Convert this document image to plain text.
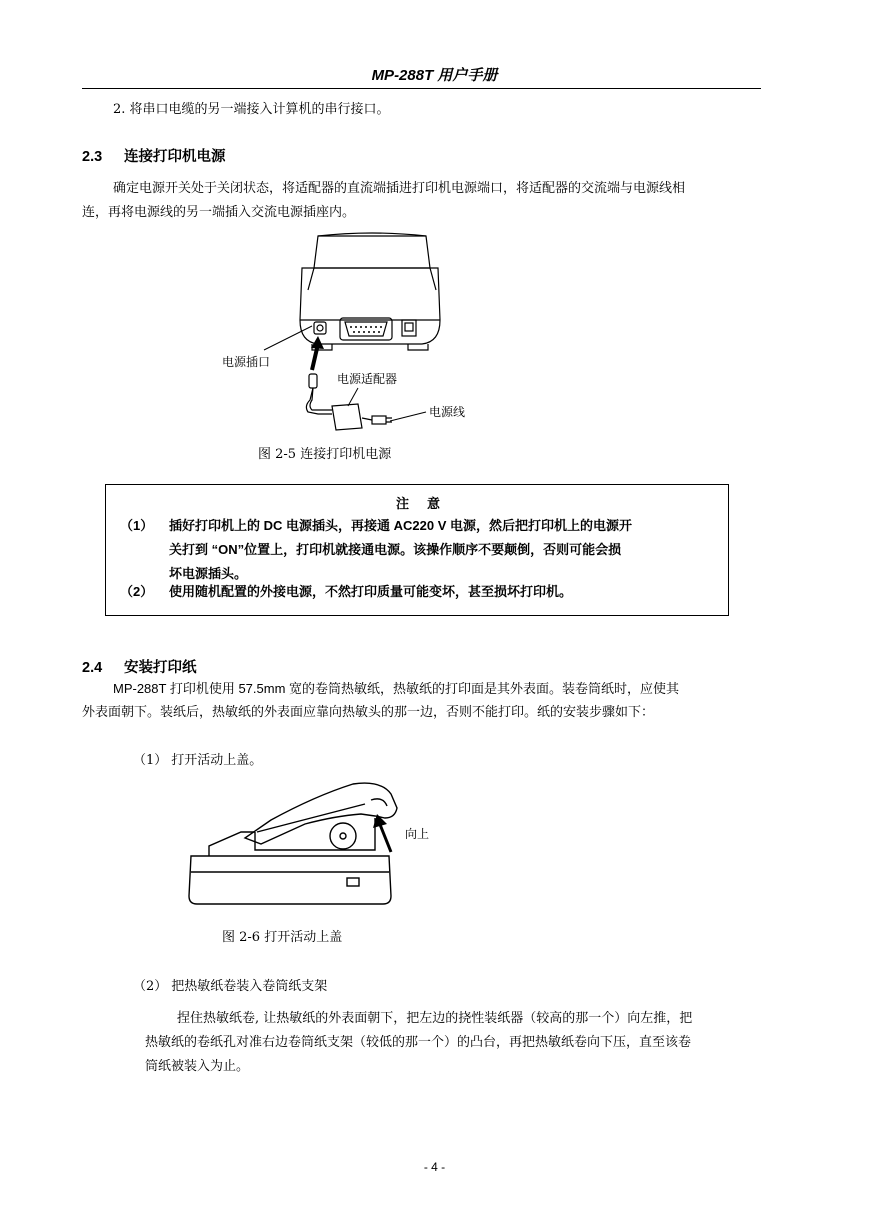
MP-288T 用户手册
2. 将串口电缆的另一端接入计算机的串行接口。
2.3 连接打印机电源
确定电源开关处于关闭状态，将适配器的直流端插进打印机电源端口，将适配器的交流端与电源线相
连，再将电源线的另一端插入交流电源插座内。
电源插口
电源适配器
电源线
图 2-5 连接打印机电源
注意
（1） 插好打印机上的 DC 电源插头，再接通 AC220 V 电源，然后把打印机上的电源开
关打到 “ON”位置上，打印机就接通电源。该操作顺序不要颠倒，否则可能会损
坏电源插头。
（2） 使用随机配置的外接电源，不然打印质量可能变坏，甚至损坏打印机。
2.4 安装打印纸
MP-288T 打印机使用 57.5mm 宽的卷筒热敏纸，热敏纸的打印面是其外表面。装卷筒纸时，应使其
外表面朝下。装纸后，热敏纸的外表面应靠向热敏头的那一边，否则不能打印。纸的安装步骤如下：
（1） 打开活动上盖。
向上
图 2-6 打开活动上盖
（2） 把热敏纸卷装入卷筒纸支架
捏住热敏纸卷, 让热敏纸的外表面朝下，把左边的挠性装纸器（较高的那一个）向左推，把
热敏纸的卷纸孔对准右边卷筒纸支架（较低的那一个）的凸台，再把热敏纸卷向下压，直至该卷
筒纸被装入为止。
- 4 -
